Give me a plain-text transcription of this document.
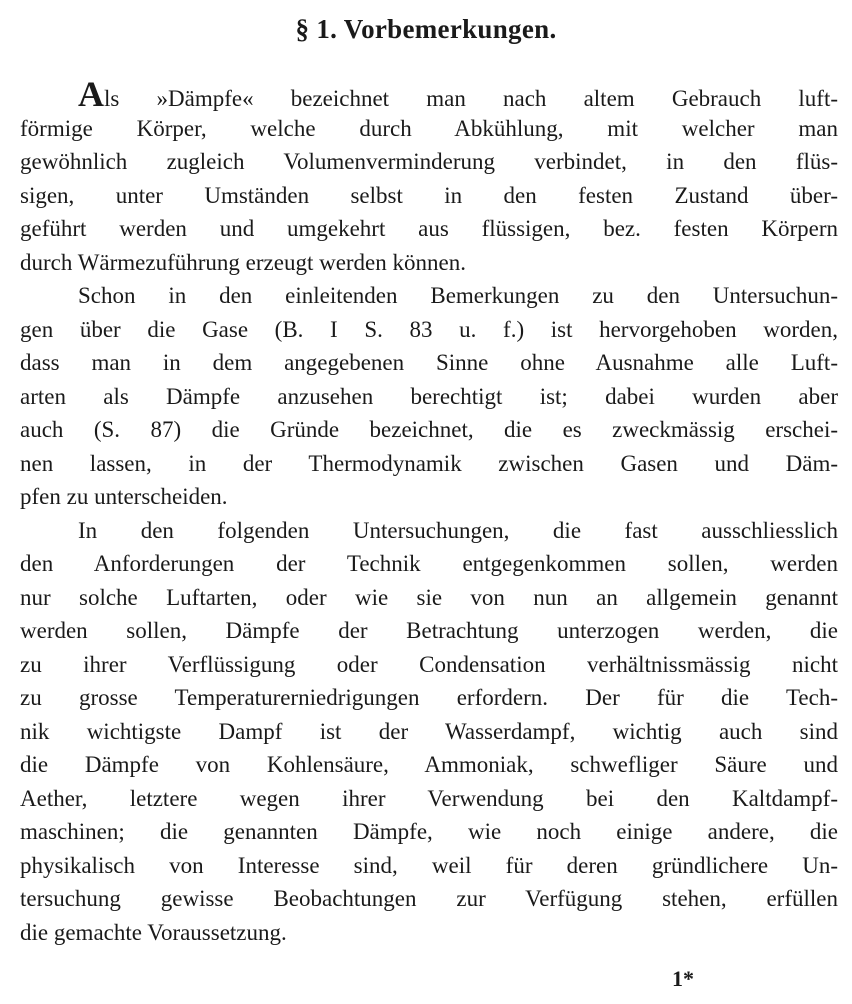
§ 1. Vorbemerkungen.
Als »Dämpfe« bezeichnet man nach altem Gebrauch luft-
förmige Körper, welche durch Abkühlung, mit welcher man
gewöhnlich zugleich Volumenverminderung verbindet, in den flüs-
sigen, unter Umständen selbst in den festen Zustand über-
geführt werden und umgekehrt aus flüssigen, bez. festen Körpern
durch Wärmezuführung erzeugt werden können.
Schon in den einleitenden Bemerkungen zu den Untersuchun-
gen über die Gase (B. I S. 83 u. f.) ist hervorgehoben worden,
dass man in dem angegebenen Sinne ohne Ausnahme alle Luft-
arten als Dämpfe anzusehen berechtigt ist; dabei wurden aber
auch (S. 87) die Gründe bezeichnet, die es zweckmässig erschei-
nen lassen, in der Thermodynamik zwischen Gasen und Däm-
pfen zu unterscheiden.
In den folgenden Untersuchungen, die fast ausschliesslich
den Anforderungen der Technik entgegenkommen sollen, werden
nur solche Luftarten, oder wie sie von nun an allgemein genannt
werden sollen, Dämpfe der Betrachtung unterzogen werden, die
zu ihrer Verflüssigung oder Condensation verhältnissmässig nicht
zu grosse Temperaturerniedrigungen erfordern. Der für die Tech-
nik wichtigste Dampf ist der Wasserdampf, wichtig auch sind
die Dämpfe von Kohlensäure, Ammoniak, schwefliger Säure und
Aether, letztere wegen ihrer Verwendung bei den Kaltdampf-
maschinen; die genannten Dämpfe, wie noch einige andere, die
physikalisch von Interesse sind, weil für deren gründlichere Un-
tersuchung gewisse Beobachtungen zur Verfügung stehen, erfüllen
die gemachte Voraussetzung.
1*
